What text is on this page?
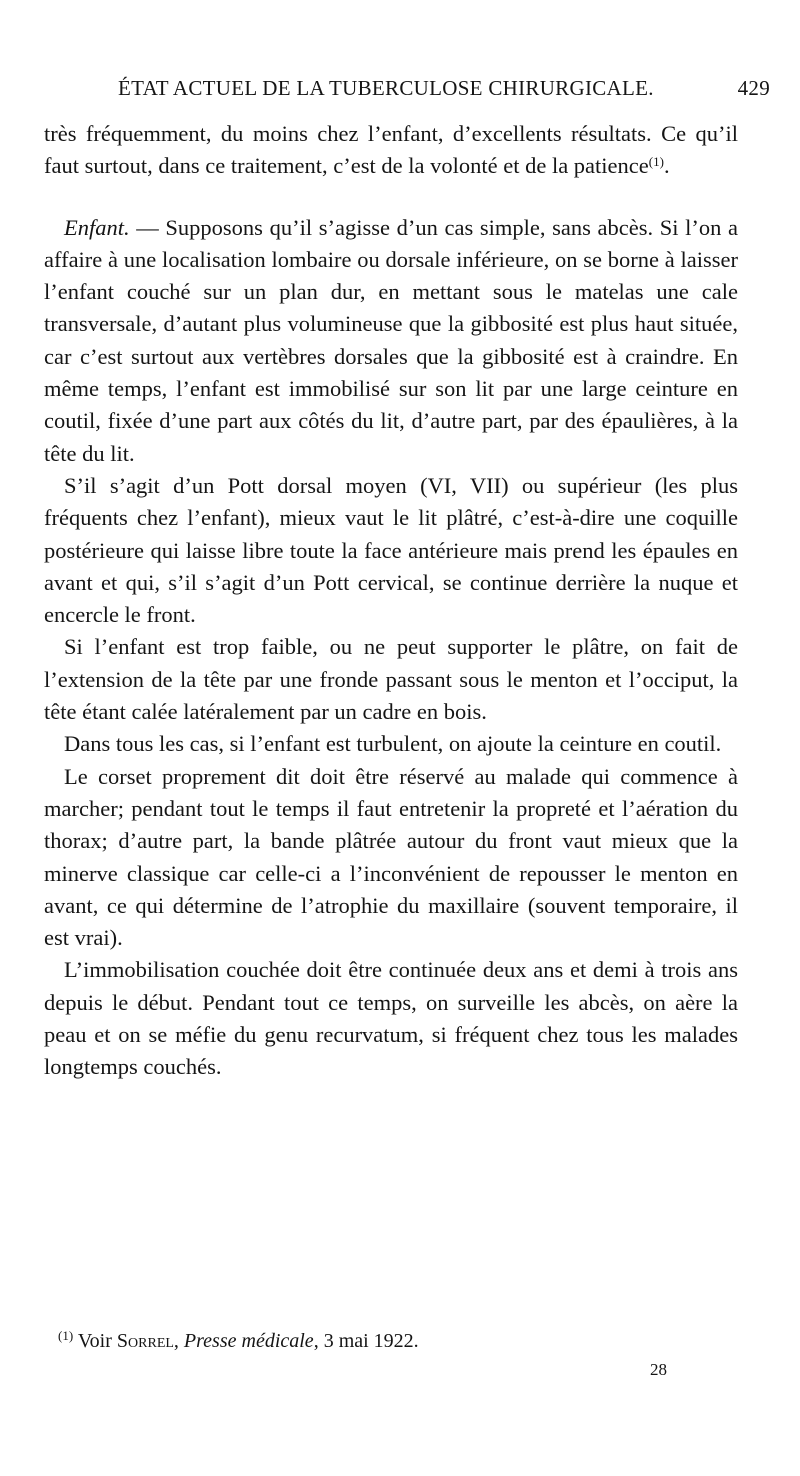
ÉTAT ACTUEL DE LA TUBERCULOSE CHIRURGICALE.	429

très fréquemment, du moins chez l’enfant, d’excellents résultats. Ce qu’il faut surtout, dans ce traitement, c’est de la volonté et de la patience$^{(1)}$.

Enfant. — Supposons qu’il s’agisse d’un cas simple, sans abcès. Si l’on a affaire à une localisation lombaire ou dorsale inférieure, on se borne à laisser l’enfant couché sur un plan dur, en mettant sous le matelas une cale transversale, d’autant plus volumineuse que la gibbosité est plus haut située, car c’est surtout aux vertèbres dorsales que la gibbosité est à craindre. En même temps, l’enfant est immobilisé sur son lit par une large ceinture en coutil, fixée d’une part aux côtés du lit, d’autre part, par des épaulières, à la tête du lit.

S’il s’agit d’un Pott dorsal moyen (VI, VII) ou supérieur (les plus fréquents chez l’enfant), mieux vaut le lit plâtré, c’est-à-dire une coquille postérieure qui laisse libre toute la face antérieure mais prend les épaules en avant et qui, s’il s’agit d’un Pott cervical, se continue derrière la nuque et encercle le front.

Si l’enfant est trop faible, ou ne peut supporter le plâtre, on fait de l’extension de la tête par une fronde passant sous le menton et l’occiput, la tête étant calée latéralement par un cadre en bois.

Dans tous les cas, si l’enfant est turbulent, on ajoute la ceinture en coutil.

Le corset proprement dit doit être réservé au malade qui commence à marcher; pendant tout le temps il faut entretenir la propreté et l’aération du thorax; d’autre part, la bande plâtrée autour du front vaut mieux que la minerve classique car celle-ci a l’inconvénient de repousser le menton en avant, ce qui détermine de l’atrophie du maxillaire (souvent temporaire, il est vrai).

L’immobilisation couchée doit être continuée deux ans et demi à trois ans depuis le début. Pendant tout ce temps, on surveille les abcès, on aère la peau et on se méfie du genu recurvatum, si fréquent chez tous les malades longtemps couchés.

$^{(1)}$ Voir Sorrel, Presse médicale, 3 mai 1922.
28
